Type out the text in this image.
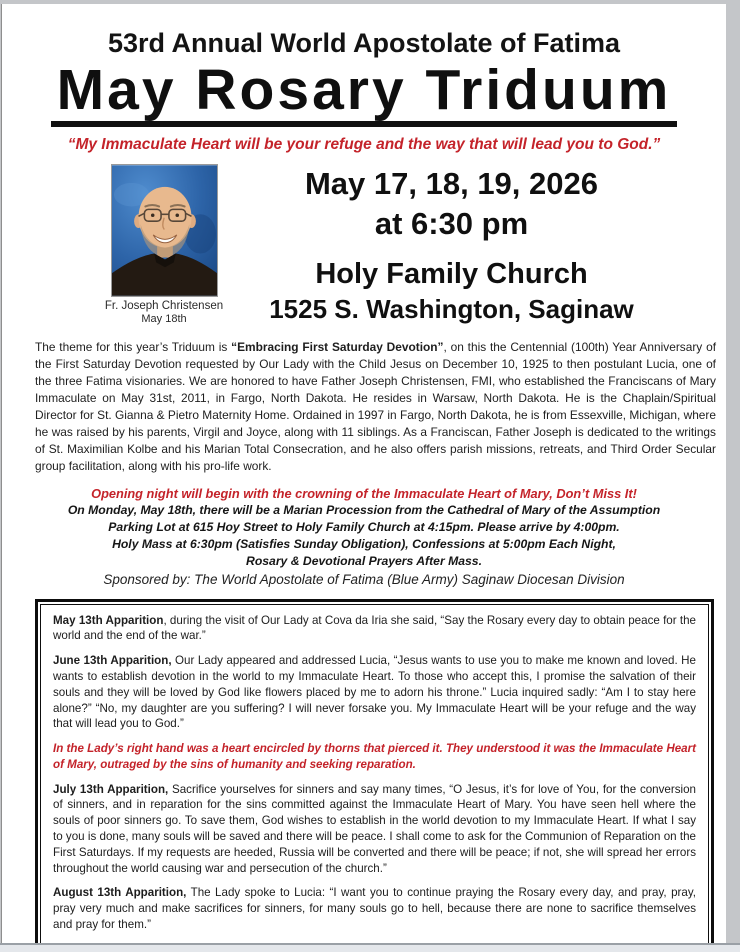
53rd Annual World Apostolate of Fatima
May Rosary Triduum
“My Immaculate Heart will be your refuge and the way that will lead you to God.”
Fr. Joseph Christensen
May 18th
May 17, 18, 19, 2026
at 6:30 pm
Holy Family Church
1525 S. Washington, Saginaw

The theme for this year’s Triduum is “Embracing First Saturday Devotion”, on this the Centennial (100th) Year Anniversary of the First Saturday Devotion requested by Our Lady with the Child Jesus on December 10, 1925 to then postulant Lucia, one of the three Fatima visionaries. We are honored to have Father Joseph Christensen, FMI, who established the Franciscans of Mary Immaculate on May 31st, 2011, in Fargo, North Dakota. He resides in Warsaw, North Dakota. He is the Chaplain/Spiritual Director for St. Gianna & Pietro Maternity Home. Ordained in 1997 in Fargo, North Dakota, he is from Essexville, Michigan, where he was raised by his parents, Virgil and Joyce, along with 11 siblings. As a Franciscan, Father Joseph is dedicated to the writings of St. Maximilian Kolbe and his Marian Total Consecration, and he also offers parish missions, retreats, and Third Order Secular group facilitation, along with his pro-life work.

Opening night will begin with the crowning of the Immaculate Heart of Mary, Don’t Miss It!
On Monday, May 18th, there will be a Marian Procession from the Cathedral of Mary of the Assumption
Parking Lot at 615 Hoy Street to Holy Family Church at 4:15pm. Please arrive by 4:00pm.
Holy Mass at 6:30pm (Satisfies Sunday Obligation), Confessions at 5:00pm Each Night,
Rosary & Devotional Prayers After Mass.
Sponsored by: The World Apostolate of Fatima (Blue Army) Saginaw Diocesan Division

May 13th Apparition, during the visit of Our Lady at Cova da Iria she said, “Say the Rosary every day to obtain peace for the world and the end of the war.”

June 13th Apparition, Our Lady appeared and addressed Lucia, “Jesus wants to use you to make me known and loved. He wants to establish devotion in the world to my Immaculate Heart. To those who accept this, I promise the salvation of their souls and they will be loved by God like flowers placed by me to adorn his throne.” Lucia inquired sadly: “Am I to stay here alone?” “No, my daughter are you suffering? I will never forsake you. My Immaculate Heart will be your refuge and the way that will lead you to God.”

In the Lady’s right hand was a heart encircled by thorns that pierced it. They understood it was the Immaculate Heart of Mary, outraged by the sins of humanity and seeking reparation.

July 13th Apparition, Sacrifice yourselves for sinners and say many times, “O Jesus, it’s for love of You, for the conversion of sinners, and in reparation for the sins committed against the Immaculate Heart of Mary. You have seen hell where the souls of poor sinners go. To save them, God wishes to establish in the world devotion to my Immaculate Heart. If what I say to you is done, many souls will be saved and there will be peace. I shall come to ask for the Communion of Reparation on the First Saturdays. If my requests are heeded, Russia will be converted and there will be peace; if not, she will spread her errors throughout the world causing war and persecution of the church.”

August 13th Apparition, The Lady spoke to Lucia: “I want you to continue praying the Rosary every day, and pray, pray, pray very much and make sacrifices for sinners, for many souls go to hell, because there are none to sacrifice themselves and pray for them.”
